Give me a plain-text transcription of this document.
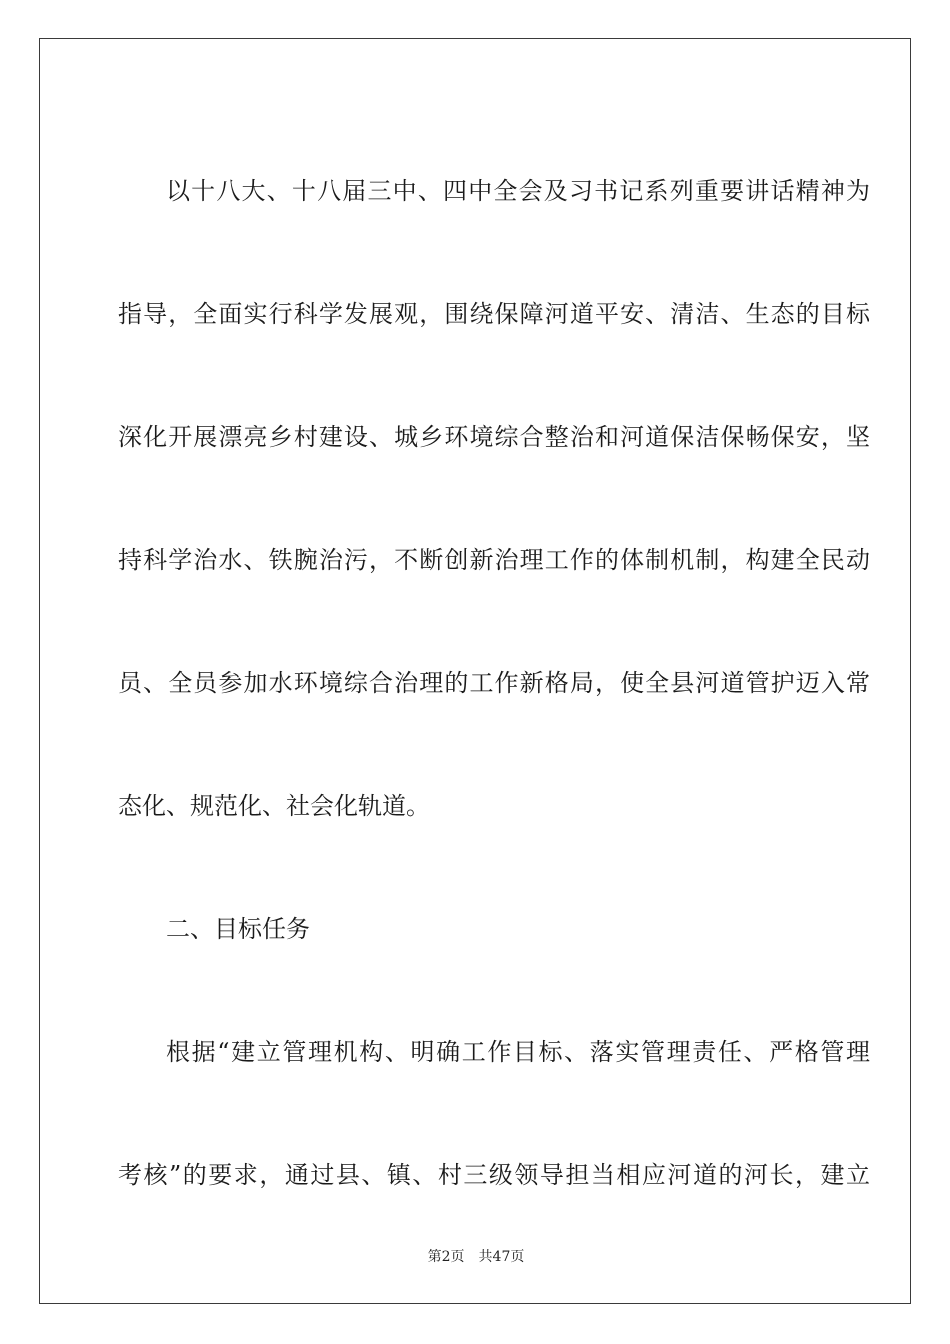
以十八大、十八届三中、四中全会及习书记系列重要讲话精神为
指导，全面实行科学发展观，围绕保障河道平安、清洁、生态的目标
深化开展漂亮乡村建设、城乡环境综合整治和河道保洁保畅保安，坚
持科学治水、铁腕治污，不断创新治理工作的体制机制，构建全民动
员、全员参加水环境综合治理的工作新格局，使全县河道管护迈入常
态化、规范化、社会化轨道。
二、目标任务
根据“建立管理机构、明确工作目标、落实管理责任、严格管理
考核”的要求，通过县、镇、村三级领导担当相应河道的河长，建立
第2页 共47页
